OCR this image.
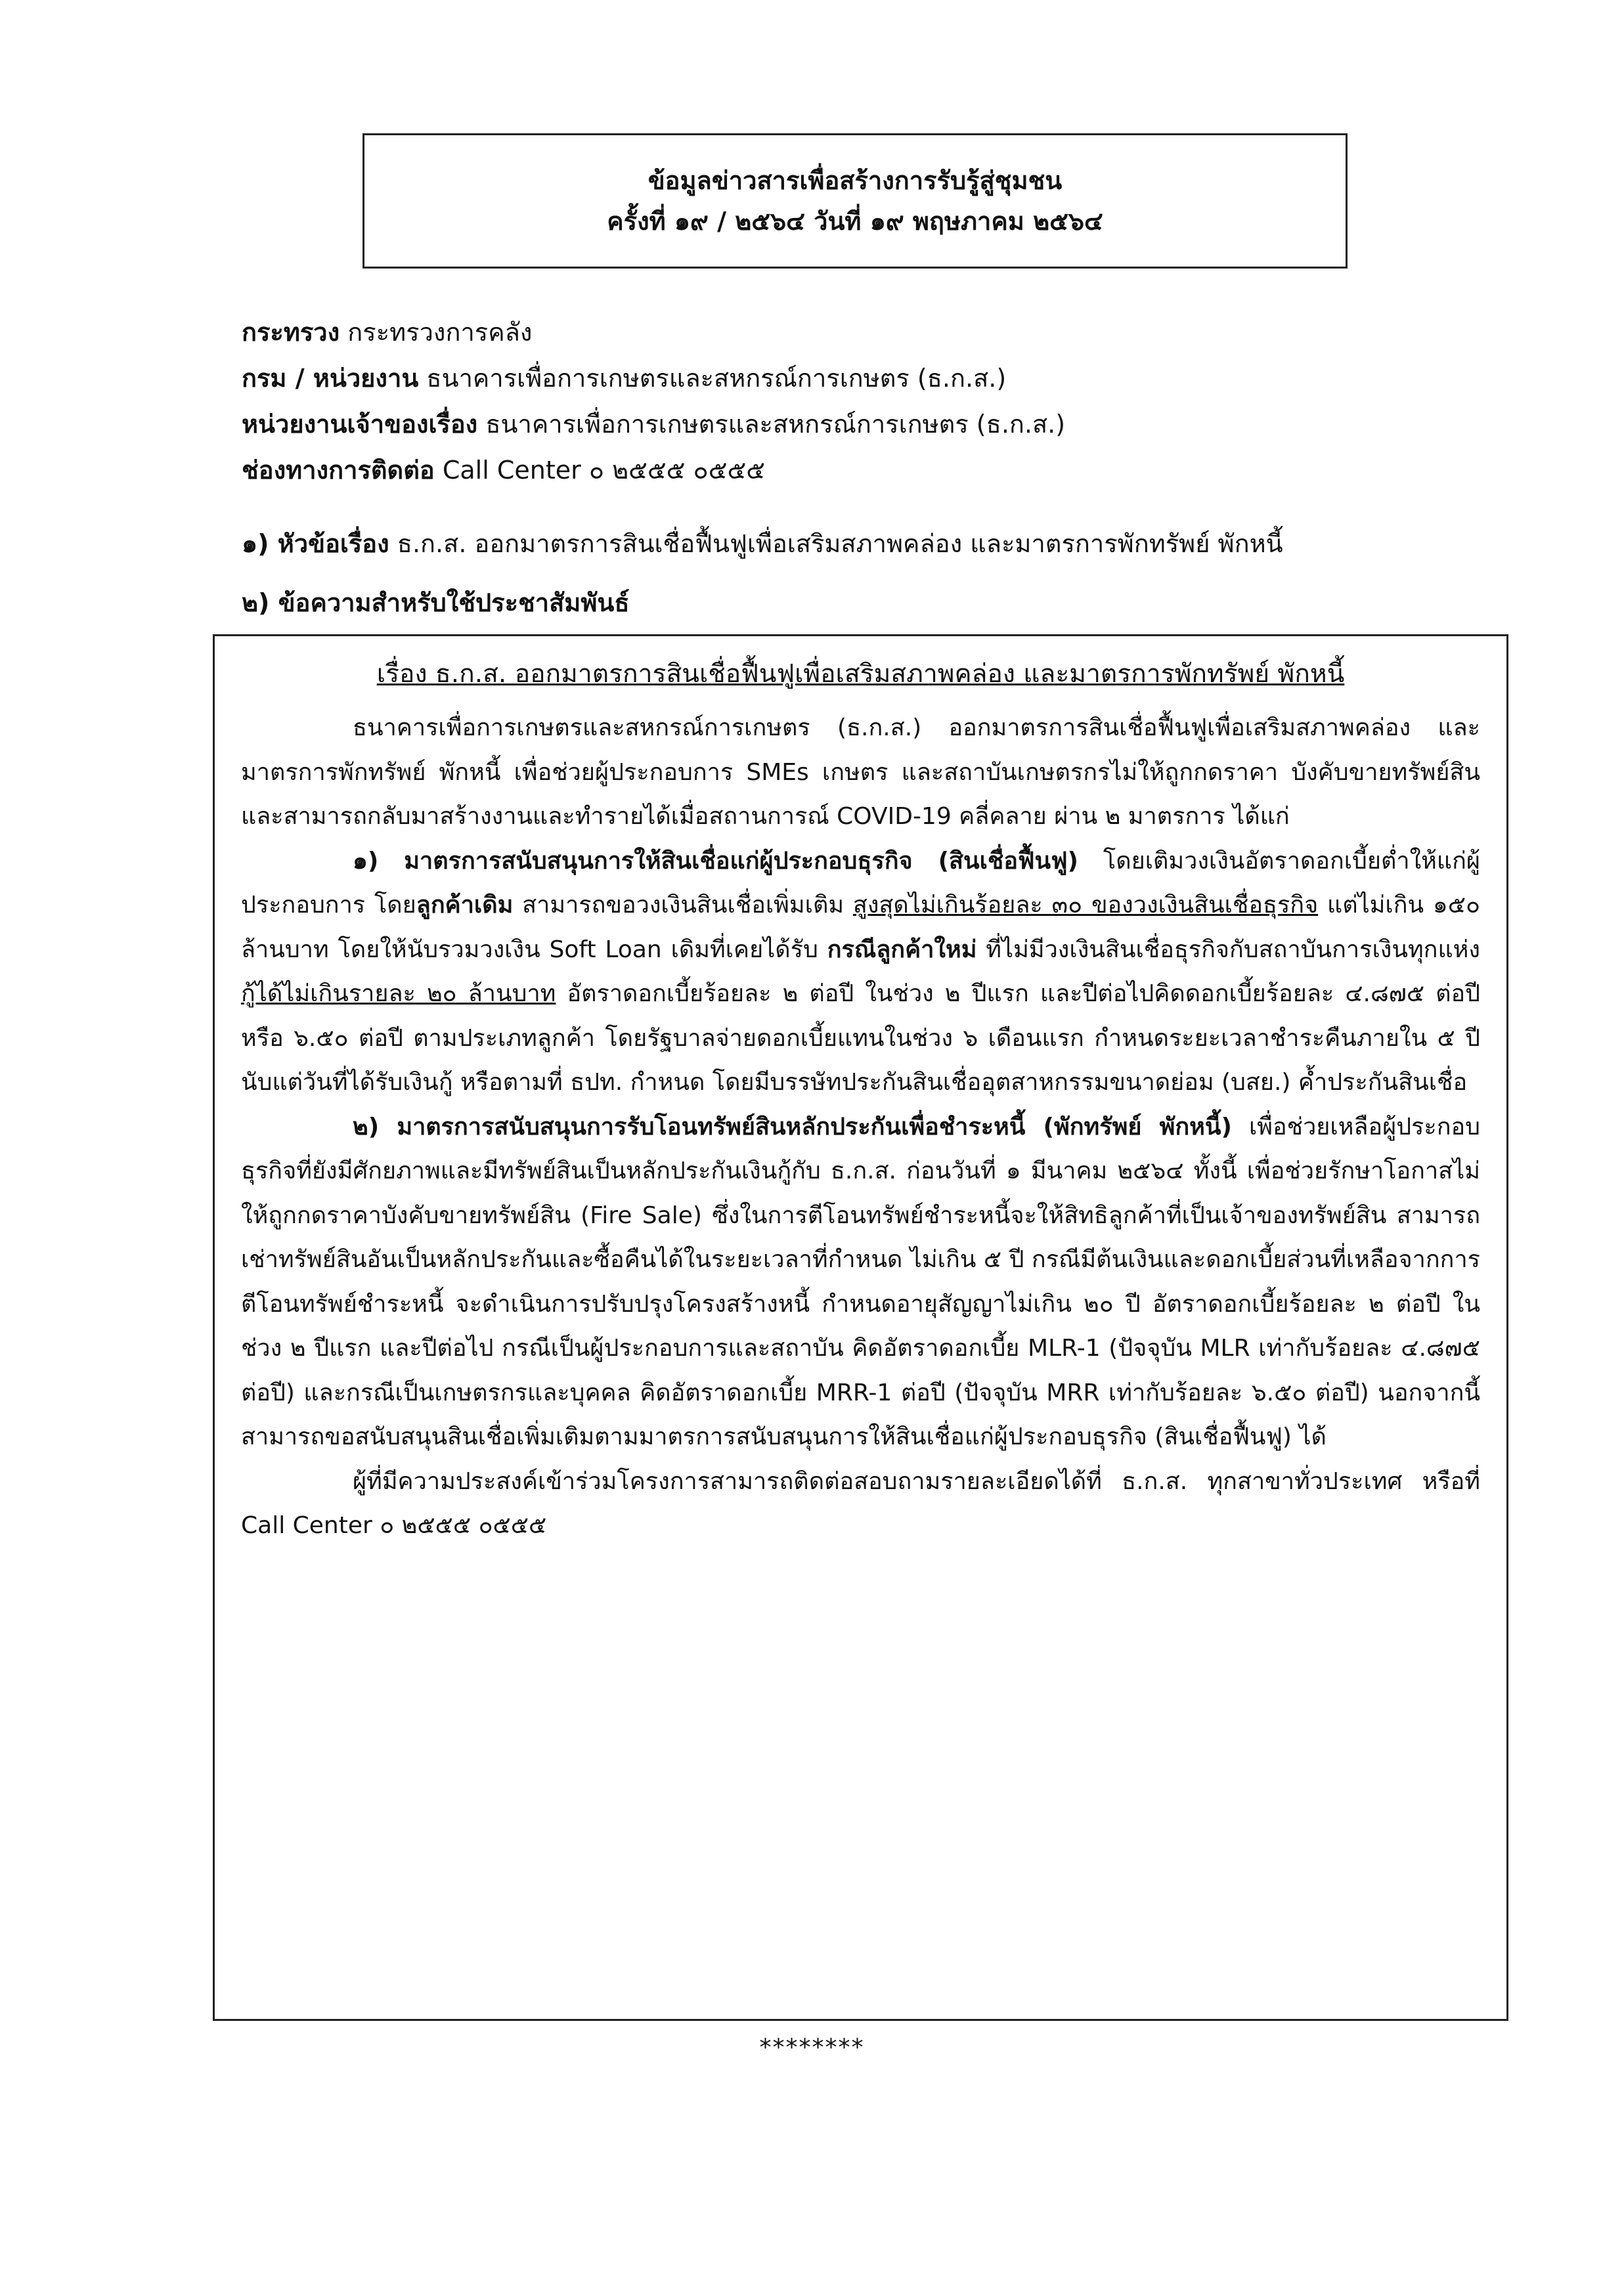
ข้อมูลข่าวสารเพื่อสร้างการรับรู้สู่ชุมชน
ครั้งที่ ๑๙ / ๒๕๖๔ วันที่ ๑๙ พฤษภาคม ๒๕๖๔
กระทรวง กระทรวงการคลัง
กรม / หน่วยงาน ธนาคารเพื่อการเกษตรและสหกรณ์การเกษตร (ธ.ก.ส.)
หน่วยงานเจ้าของเรื่อง ธนาคารเพื่อการเกษตรและสหกรณ์การเกษตร (ธ.ก.ส.)
ช่องทางการติดต่อ Call Center ๐ ๒๕๕๕ ๐๕๕๕
๑) หัวข้อเรื่อง ธ.ก.ส. ออกมาตรการสินเชื่อฟื้นฟูเพื่อเสริมสภาพคล่อง และมาตรการพักทรัพย์ พักหนี้
๒) ข้อความสำหรับใช้ประชาสัมพันธ์
เรื่อง ธ.ก.ส. ออกมาตรการสินเชื่อฟื้นฟูเพื่อเสริมสภาพคล่อง และมาตรการพักทรัพย์ พักหนี้

ธนาคารเพื่อการเกษตรและสหกรณ์การเกษตร (ธ.ก.ส.) ออกมาตรการสินเชื่อฟื้นฟูเพื่อเสริมสภาพคล่อง และมาตรการพักทรัพย์ พักหนี้ เพื่อช่วยผู้ประกอบการ SMEs เกษตร และสถาบันเกษตรกรไม่ให้ถูกกดราคา บังคับขายทรัพย์สินและสามารถกลับมาสร้างงานและทำรายได้เมื่อสถานการณ์ COVID-19 คลี่คลาย ผ่าน ๒ มาตรการ ได้แก่

๑) มาตรการสนับสนุนการให้สินเชื่อแก่ผู้ประกอบธุรกิจ (สินเชื่อฟื้นฟู) โดยเติมวงเงินอัตราดอกเบี้ยต่ำให้แก่ผู้ประกอบการ โดยลูกค้าเดิม สามารถขอวงเงินสินเชื่อเพิ่มเติม สูงสุดไม่เกินร้อยละ ๓๐ ของวงเงินสินเชื่อธุรกิจ แต่ไม่เกิน ๑๕๐ ล้านบาท โดยให้นับรวมวงเงิน Soft Loan เดิมที่เคยได้รับ กรณีลูกค้าใหม่ ที่ไม่มีวงเงินสินเชื่อธุรกิจกับสถาบันการเงินทุกแห่ง กู้ได้ไม่เกินรายละ ๒๐ ล้านบาท อัตราดอกเบี้ยร้อยละ ๒ ต่อปี ในช่วง ๒ ปีแรก และปีต่อไปคิดดอกเบี้ยร้อยละ ๔.๘๗๕ ต่อปี หรือ ๖.๕๐ ต่อปี ตามประเภทลูกค้า โดยรัฐบาลจ่ายดอกเบี้ยแทนในช่วง ๖ เดือนแรก กำหนดระยะเวลาชำระคืนภายใน ๕ ปี นับแต่วันที่ได้รับเงินกู้ หรือตามที่ ธปท. กำหนด โดยมีบรรษัทประกันสินเชื่ออุตสาหกรรมขนาดย่อม (บสย.) ค้ำประกันสินเชื่อ

๒) มาตรการสนับสนุนการรับโอนทรัพย์สินหลักประกันเพื่อชำระหนี้ (พักทรัพย์ พักหนี้) เพื่อช่วยเหลือผู้ประกอบธุรกิจที่ยังมีศักยภาพและมีทรัพย์สินเป็นหลักประกันเงินกู้กับ ธ.ก.ส. ก่อนวันที่ ๑ มีนาคม ๒๕๖๔ ทั้งนี้ เพื่อช่วยรักษาโอกาสไม่ให้ถูกกดราคาบังคับขายทรัพย์สิน (Fire Sale) ซึ่งในการตีโอนทรัพย์ชำระหนี้จะให้สิทธิลูกค้าที่เป็นเจ้าของทรัพย์สิน สามารถเช่าทรัพย์สินอันเป็นหลักประกันและซื้อคืนได้ในระยะเวลาที่กำหนด ไม่เกิน ๕ ปี กรณีมีต้นเงินและดอกเบี้ยส่วนที่เหลือจากการตีโอนทรัพย์ชำระหนี้ จะดำเนินการปรับปรุงโครงสร้างหนี้ กำหนดอายุสัญญาไม่เกิน ๒๐ ปี อัตราดอกเบี้ยร้อยละ ๒ ต่อปี ในช่วง ๒ ปีแรก และปีต่อไป กรณีเป็นผู้ประกอบการและสถาบัน คิดอัตราดอกเบี้ย MLR-1 (ปัจจุบัน MLR เท่ากับร้อยละ ๔.๘๗๕ ต่อปี) และกรณีเป็นเกษตรกรและบุคคล คิดอัตราดอกเบี้ย MRR-1 ต่อปี (ปัจจุบัน MRR เท่ากับร้อยละ ๖.๕๐ ต่อปี) นอกจากนี้ สามารถขอสนับสนุนสินเชื่อเพิ่มเติมตามมาตรการสนับสนุนการให้สินเชื่อแก่ผู้ประกอบธุรกิจ (สินเชื่อฟื้นฟู) ได้

ผู้ที่มีความประสงค์เข้าร่วมโครงการสามารถติดต่อสอบถามรายละเอียดได้ที่ ธ.ก.ส. ทุกสาขาทั่วประเทศ หรือที่ Call Center ๐ ๒๕๕๕ ๐๕๕๕

********
